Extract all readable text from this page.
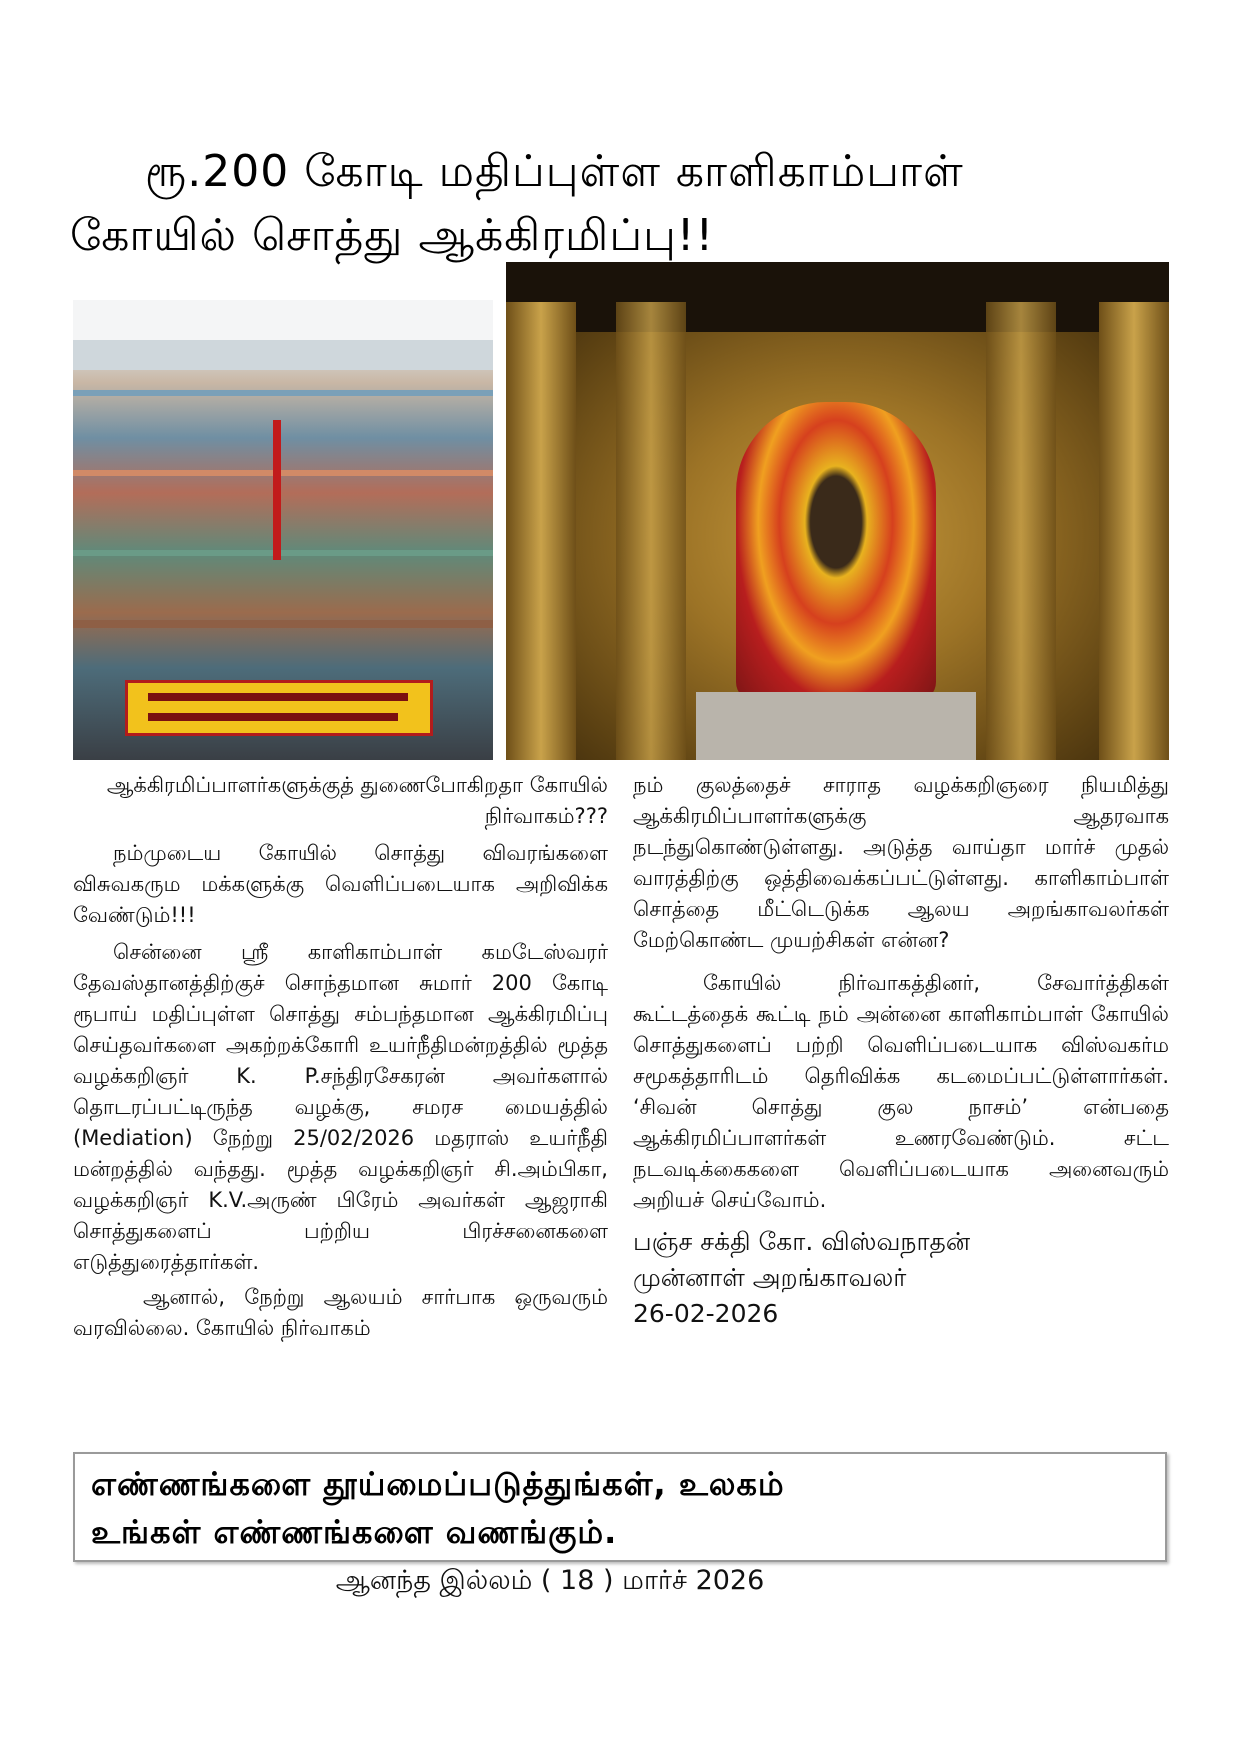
ரூ.200 கோடி மதிப்புள்ள காளிகாம்பாள்
கோயில் சொத்து ஆக்கிரமிப்பு!!

ஆக்கிரமிப்பாளர்களுக்குத் துணைபோகிறதா கோயில் நிர்வாகம்???

நம்முடைய கோயில் சொத்து விவரங்களை விசுவகரும மக்களுக்கு வெளிப்படையாக அறிவிக்க வேண்டும்!!!

சென்னை ஸ்ரீ காளிகாம்பாள் கமடேஸ்வரர் தேவஸ்தானத்திற்குச் சொந்தமான சுமார் 200 கோடி ரூபாய் மதிப்புள்ள சொத்து சம்பந்தமான ஆக்கிரமிப்பு செய்தவர்களை அகற்றக்கோரி உயர்நீதிமன்றத்தில் மூத்த வழக்கறிஞர் K. P.சந்திரசேகரன் அவர்களால் தொடரப்பட்டிருந்த வழக்கு, சமரச மையத்தில் (Mediation) நேற்று 25/02/2026 மதராஸ் உயர்நீதி மன்றத்தில் வந்தது. மூத்த வழக்கறிஞர் சி.அம்பிகா, வழக்கறிஞர் K.V.அருண் பிரேம் அவர்கள் ஆஜராகி சொத்துகளைப் பற்றிய பிரச்சனைகளை எடுத்துரைத்தார்கள்.

ஆனால், நேற்று ஆலயம் சார்பாக ஒருவரும் வரவில்லை. கோயில் நிர்வாகம்

நம் குலத்தைச் சாராத வழக்கறிஞரை நியமித்து ஆக்கிரமிப்பாளர்களுக்கு ஆதரவாக நடந்துகொண்டுள்ளது. அடுத்த வாய்தா மார்ச் முதல் வாரத்திற்கு ஒத்திவைக்கப்பட்டுள்ளது. காளிகாம்பாள் சொத்தை மீட்டெடுக்க ஆலய அறங்காவலர்கள் மேற்கொண்ட முயற்சிகள் என்ன?

கோயில் நிர்வாகத்தினர், சேவார்த்திகள் கூட்டத்தைக் கூட்டி நம் அன்னை காளிகாம்பாள் கோயில் சொத்துகளைப் பற்றி வெளிப்படையாக விஸ்வகர்ம சமூகத்தாரிடம் தெரிவிக்க கடமைப்பட்டுள்ளார்கள். ‘சிவன் சொத்து குல நாசம்’ என்பதை ஆக்கிரமிப்பாளர்கள் உணரவேண்டும். சட்ட நடவடிக்கைகளை வெளிப்படையாக அனைவரும் அறியச் செய்வோம்.

பஞ்ச சக்தி கோ. விஸ்வநாதன்

முன்னாள் அறங்காவலர்

26-02-2026

எண்ணங்களை தூய்மைப்படுத்துங்கள், உலகம்
உங்கள் எண்ணங்களை வணங்கும்.
ஆனந்த இல்லம் ( 18 ) மார்ச் 2026
